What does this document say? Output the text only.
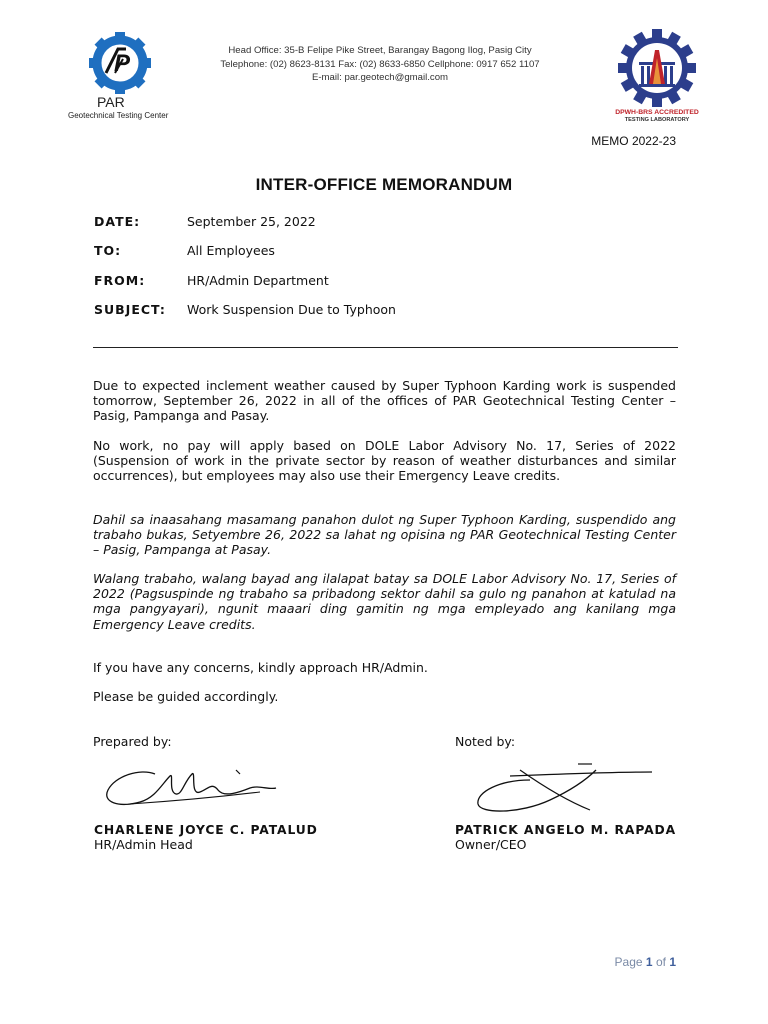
P
PAR
Geotechnical Testing Center
Head Office: 35-B Felipe Pike Street, Barangay Bagong Ilog, Pasig City
Telephone: (02) 8623-8131 Fax: (02) 8633-6850 Cellphone: 0917 652 1107
E-mail: par.geotech@gmail.com
DPWH-BRS ACCREDITED
TESTING LABORATORY
MEMO 2022-23
INTER-OFFICE MEMORANDUM
DATE:	September 25, 2022
TO:	All Employees
FROM:	HR/Admin Department
SUBJECT: Work Suspension Due to Typhoon
Due to expected inclement weather caused by Super Typhoon Karding work is suspended tomorrow, September 26, 2022 in all of the offices of PAR Geotechnical Testing Center – Pasig, Pampanga and Pasay.
No work, no pay will apply based on DOLE Labor Advisory No. 17, Series of 2022 (Suspension of work in the private sector by reason of weather disturbances and similar occurrences), but employees may also use their Emergency Leave credits.
Dahil sa inaasahang masamang panahon dulot ng Super Typhoon Karding, suspendido ang trabaho bukas, Setyembre 26, 2022 sa lahat ng opisina ng PAR Geotechnical Testing Center – Pasig, Pampanga at Pasay.
Walang trabaho, walang bayad ang ilalapat batay sa DOLE Labor Advisory No. 17, Series of 2022 (Pagsuspinde ng trabaho sa pribadong sektor dahil sa gulo ng panahon at katulad na mga pangyayari), ngunit maaari ding gamitin ng mga empleyado ang kanilang mga Emergency Leave credits.
If you have any concerns, kindly approach HR/Admin.
Please be guided accordingly.
Prepared by:	Noted by:
CHARLENE JOYCE C. PATALUD
HR/Admin Head
PATRICK ANGELO M. RAPADA
Owner/CEO
Page 1 of 1
